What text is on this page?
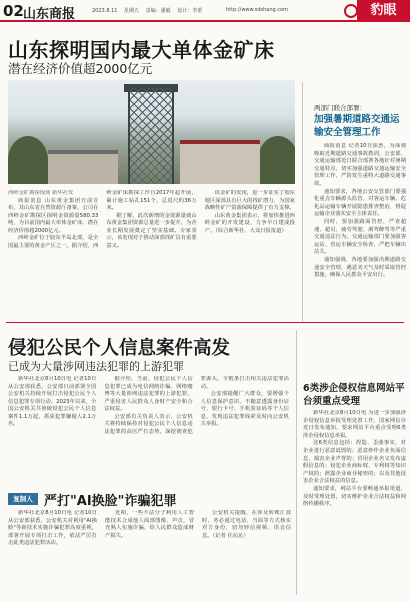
02 山东商报	2023.8.11 星期五 责编：潘毅 设计：李蕾	http://www.sdshang.com	豹眼
山东探明国内最大单体金矿床
潜在经济价值超2000亿元

西岭金矿勘探现场 新华社发

商报消息 山东黄金集团日前宣布，其山东省自然资源厅备案，公司在西岭金矿勘探区探明金资源量580.33吨，为目前国内最大单体金矿床，潜在经济价值超2000亿元。

西岭金矿位于胶东半岛北部，是全国最主要的黄金产区之一。据介绍，西岭金矿床勘探工作自2017年起开展，累计施工钻孔151个，总进尺约36万米。

据了解，此次新增的金资源量使山东黄金集团资源总量进一步提升，为企业长期发展奠定了坚实基础。专家表示，该发现对于推动深部找矿具有重要意义。

该金矿的发现，进一步证实了胶东地区深部具有巨大的找矿潜力，为国家战略性矿产资源保障提供了有力支撑。

山东黄金集团表示，将加快推进西岭金矿的开发建设，力争早日建成投产。（综合新华社、大众日报报道）

两部门联合部署：
加强暑期道路交通运输安全管理工作

商报消息 记者10日获悉，为深刻吸取近期道路交通事故教训，公安部、交通运输部近日联合部署各地针对暑期交通特点，切实加强道路交通运输安全管理工作，严防发生重特大道路交通事故。

通知要求，各地公安交管部门要强化重点车辆源头监管，对客运车辆、危化品运输车辆开展隐患排查整治，督促运输企业落实安全主体责任。

同时，要加强路面管控，严查超速、超员、疲劳驾驶、酒驾醉驾等严重交通违法行为。交通运输部门要加强客运站、营运车辆安全检查，严把车辆出站关。

通知强调，各地要加强汛期道路交通安全管理，遇恶劣天气及时采取管控措施，确保人民群众平安出行。

侵犯公民个人信息案件高发
已成为大量涉网违法犯罪的上游犯罪

新华社北京8月10日电 记者10日从公安部获悉，公安部日前部署全国公安机关持续开展打击侵犯公民个人信息犯罪专项行动。2023年以来，全国公安机关共侦破侵犯公民个人信息案件1.1万起，抓获犯罪嫌疑人2.1万名。

据介绍，当前，侵犯公民个人信息犯罪已成为电信网络诈骗、网络赌博等大量涉网违法犯罪的上游犯罪，严重侵害人民群众人身财产安全和合法权益。

公安部有关负责人表示，公安机关将持续保持对侵犯公民个人信息违法犯罪的高压严打态势，深挖彻查犯罪源头，全链条打击相关违法犯罪活动。

公安部提醒广大群众，要增强个人信息保护意识，不随意透露身份证号、银行卡号、手机验证码等个人信息，发现违法犯罪线索及时向公安机关举报。

复制人 严打"AI换脸"诈骗犯罪

新华社北京8月10日电 记者10日从公安部获悉，公安机关对利用"AI换脸"等新技术实施诈骗犯罪高度重视，部署开展专项打击工作，依法严厉打击此类违法犯罪活动。

近期，一些不法分子利用人工智能技术合成他人面部图像、声音，冒充熟人实施诈骗，给人民群众造成财产损失。

公安机关提醒，在涉及转账汇款时，务必通过电话、当面等方式核实对方身份，切勿轻信视频、语音信息。（记者 任沁沁）

6类涉企侵权信息网站平台须重点受理

新华社北京8月10日电 为进一步加强涉企侵权信息举报受理处置工作，国家网信办近日发布通知，要求网站平台重点受理6类涉企侵权信息举报。

这6类信息包括：捏造、歪曲事实，对企业进行恶意诋毁的；恶意炒作企业负面信息，损害企业声誉的；冒用企业名义发布虚假信息的；侵犯企业商标权、专利权等知识产权的；泄露企业商业秘密的；以及其他侵害企业合法权益的信息。

通知要求，网站平台要畅通举报渠道，及时受理处置，切实维护企业合法权益和网络传播秩序。
